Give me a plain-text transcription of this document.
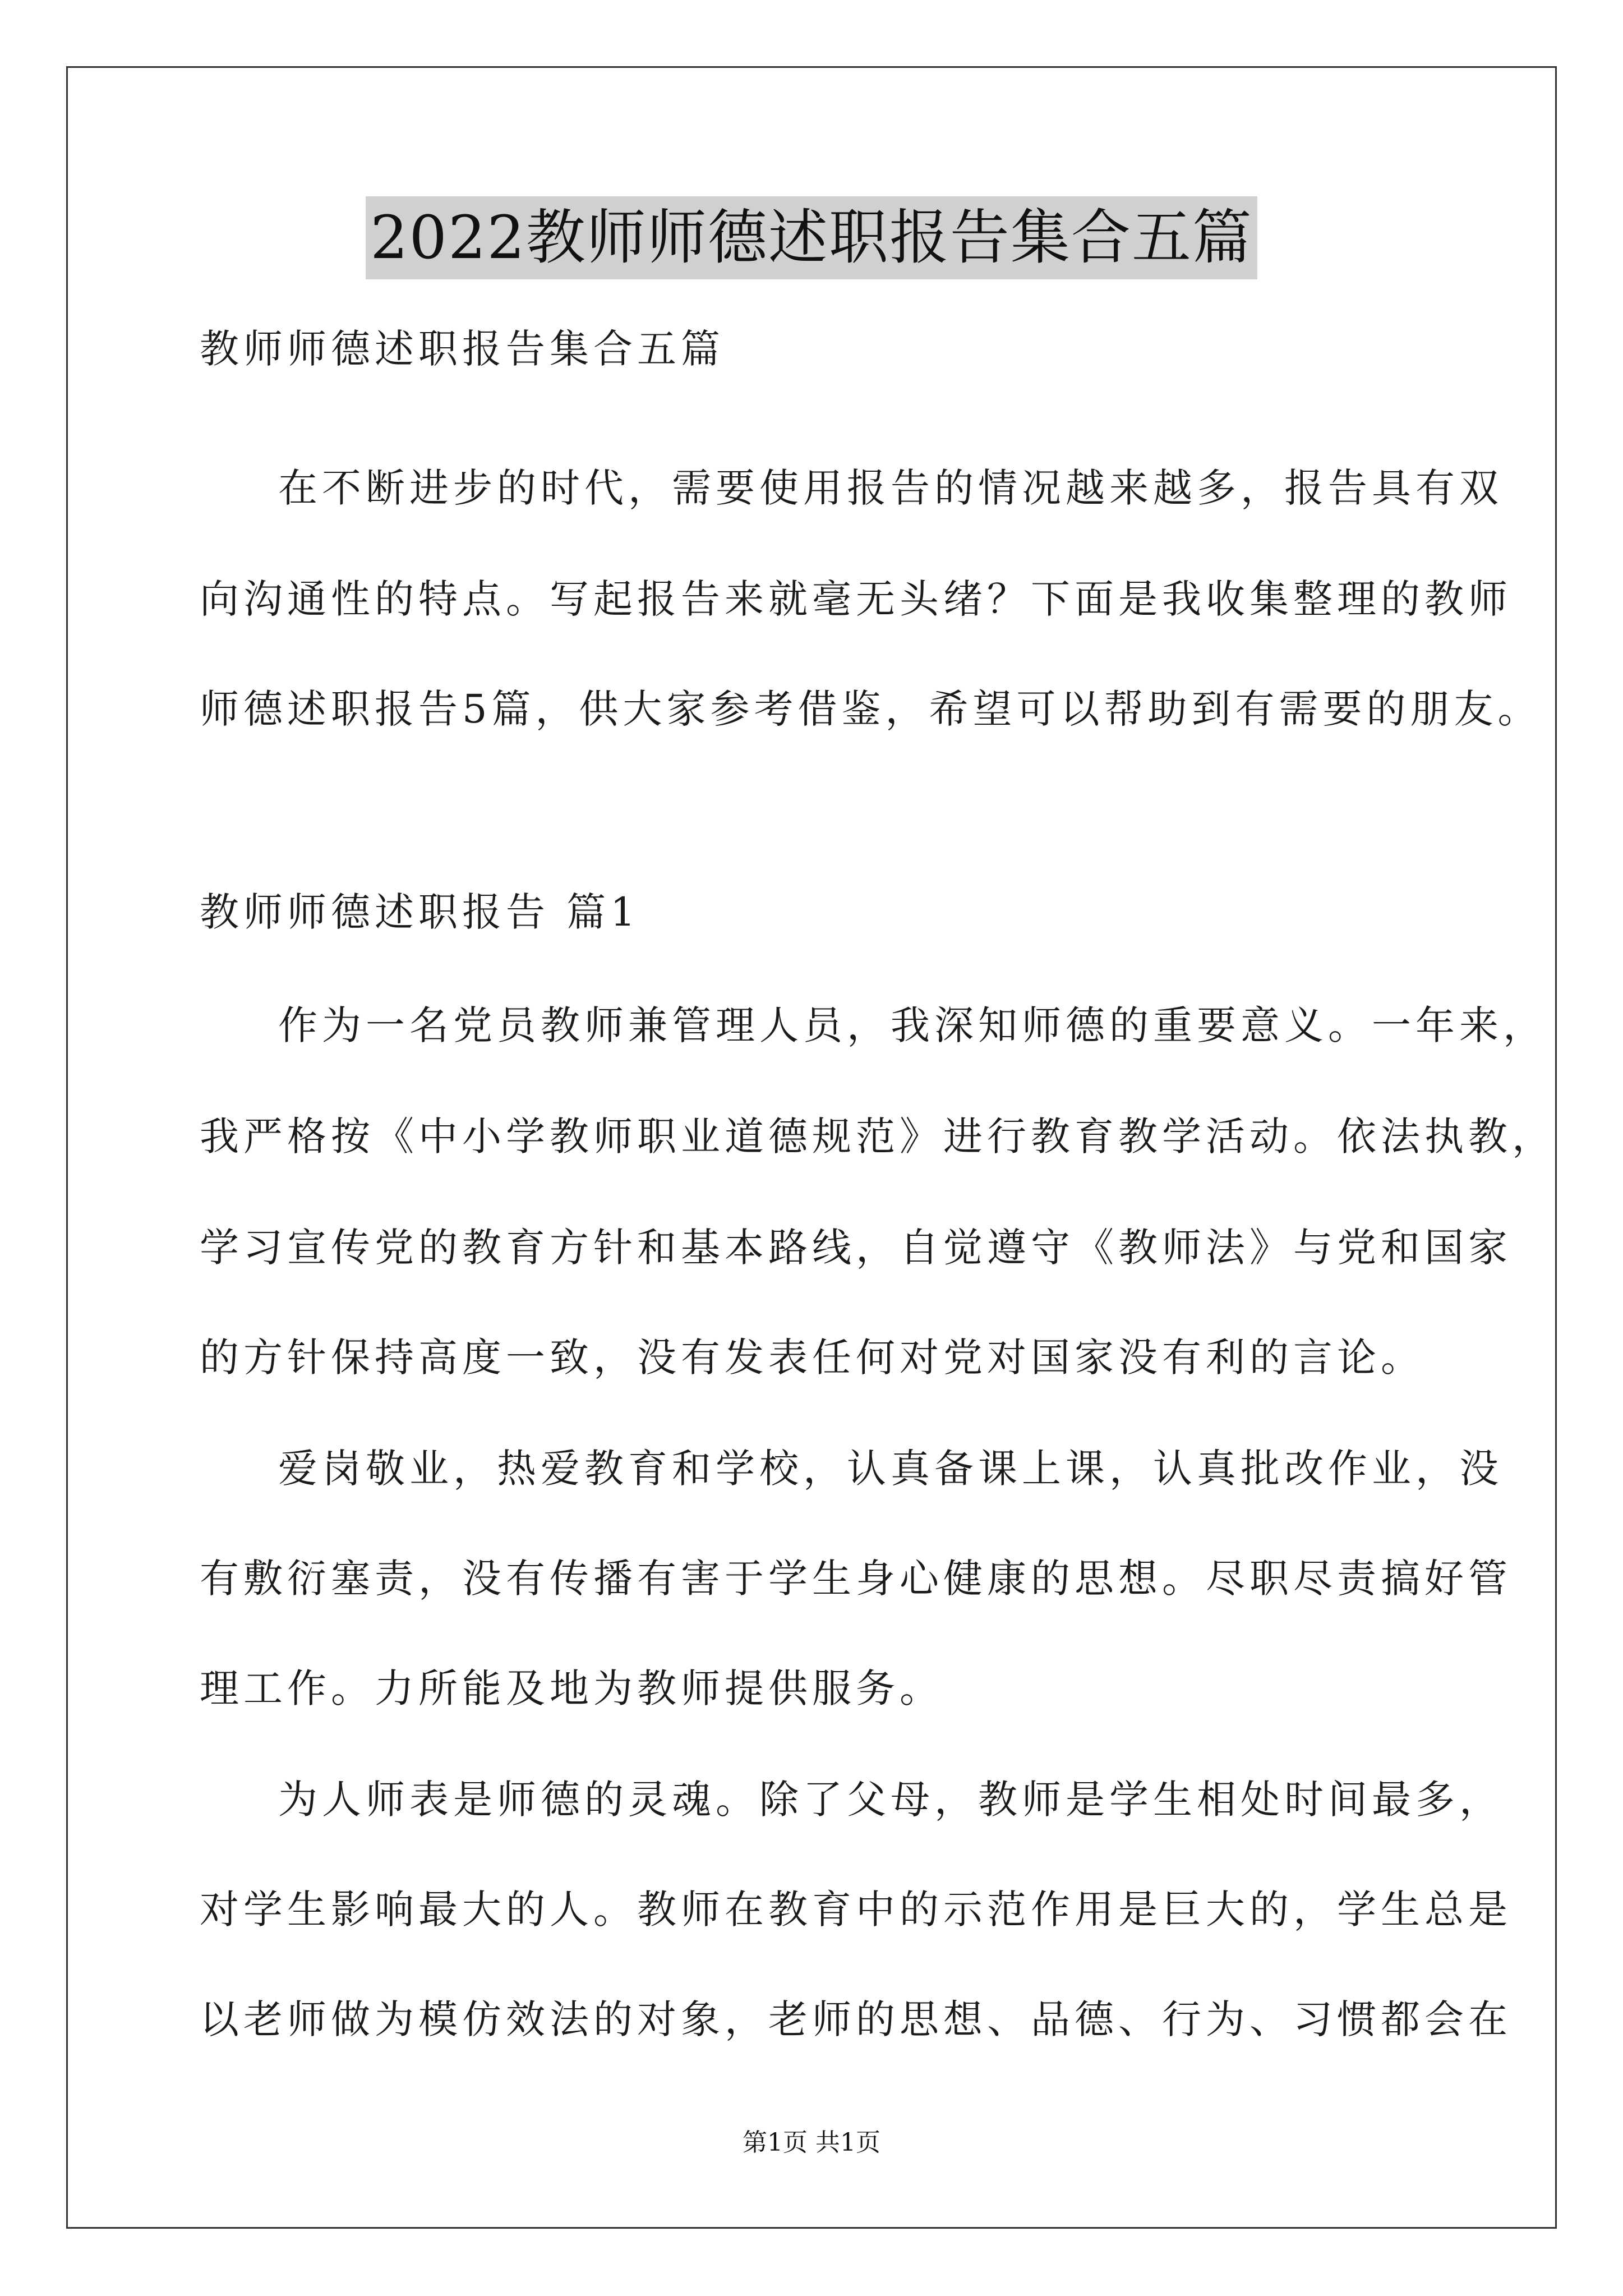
2022教师师德述职报告集合五篇
教师师德述职报告集合五篇
在不断进步的时代，需要使用报告的情况越来越多，报告具有双
向沟通性的特点。写起报告来就毫无头绪？下面是我收集整理的教师
师德述职报告5篇，供大家参考借鉴，希望可以帮助到有需要的朋友。
教师师德述职报告 篇1
作为一名党员教师兼管理人员，我深知师德的重要意义。一年来，
我严格按《中小学教师职业道德规范》进行教育教学活动。依法执教，
学习宣传党的教育方针和基本路线，自觉遵守《教师法》与党和国家
的方针保持高度一致，没有发表任何对党对国家没有利的言论。
爱岗敬业，热爱教育和学校，认真备课上课，认真批改作业，没
有敷衍塞责，没有传播有害于学生身心健康的思想。尽职尽责搞好管
理工作。力所能及地为教师提供服务。
为人师表是师德的灵魂。除了父母，教师是学生相处时间最多，
对学生影响最大的人。教师在教育中的示范作用是巨大的，学生总是
以老师做为模仿效法的对象，老师的思想、品德、行为、习惯都会在
第1页 共1页
